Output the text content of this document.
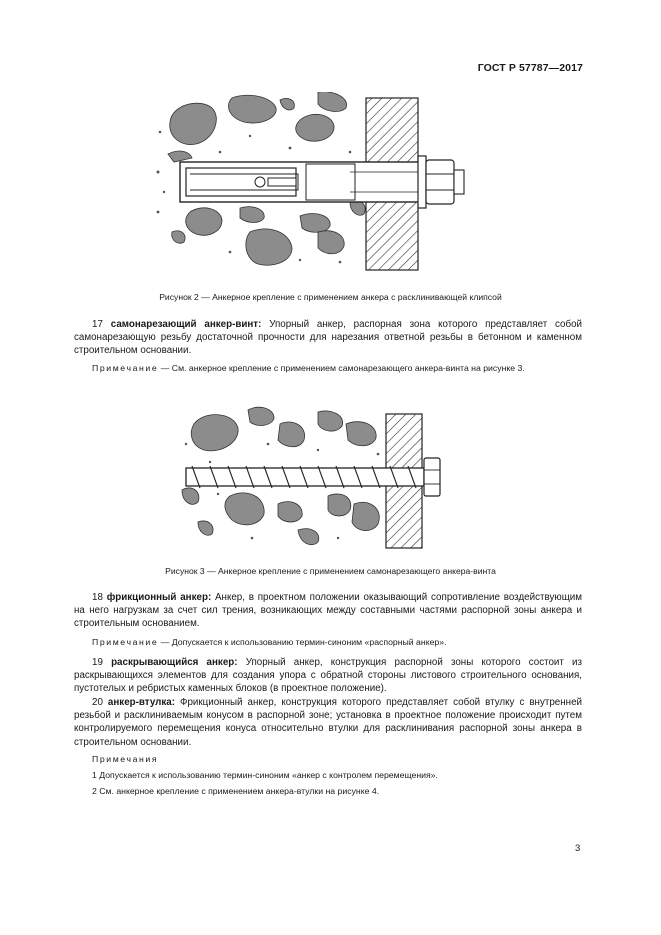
ГОСТ Р 57787—2017
Рисунок 2 — Анкерное крепление с применением анкера с расклинивающей клипсой
17 самонарезающий анкер-винт: Упорный анкер, распорная зона которого представляет собой самонарезающую резьбу достаточной прочности для нарезания ответной резьбы в бетонном и каменном строительном основании.
Примечание — См. анкерное крепление с применением самонарезающего анкера-винта на рисунке 3.
Рисунок 3 — Анкерное крепление с применением самонарезающего анкера-винта
18 фрикционный анкер: Анкер, в проектном положении оказывающий сопротивление воздействующим на него нагрузкам за счет сил трения, возникающих между составными частями распорной зоны анкера и строительным основанием.
Примечание — Допускается к использованию термин-синоним «распорный анкер».
19 раскрывающийся анкер: Упорный анкер, конструкция распорной зоны которого состоит из раскрывающихся элементов для создания упора с обратной стороны листового строительного основания, пустотелых и ребристых каменных блоков (в проектное положение).
20 анкер-втулка: Фрикционный анкер, конструкция которого представляет собой втулку с внутренней резьбой и расклиниваемым конусом в распорной зоне; установка в проектное положение происходит путем контролируемого перемещения конуса относительно втулки для расклинивания распорной зоны анкера в строительном основании.
Примечания
1 Допускается к использованию термин-синоним «анкер с контролем перемещения».
2 См. анкерное крепление с применением анкера-втулки на рисунке 4.
3
